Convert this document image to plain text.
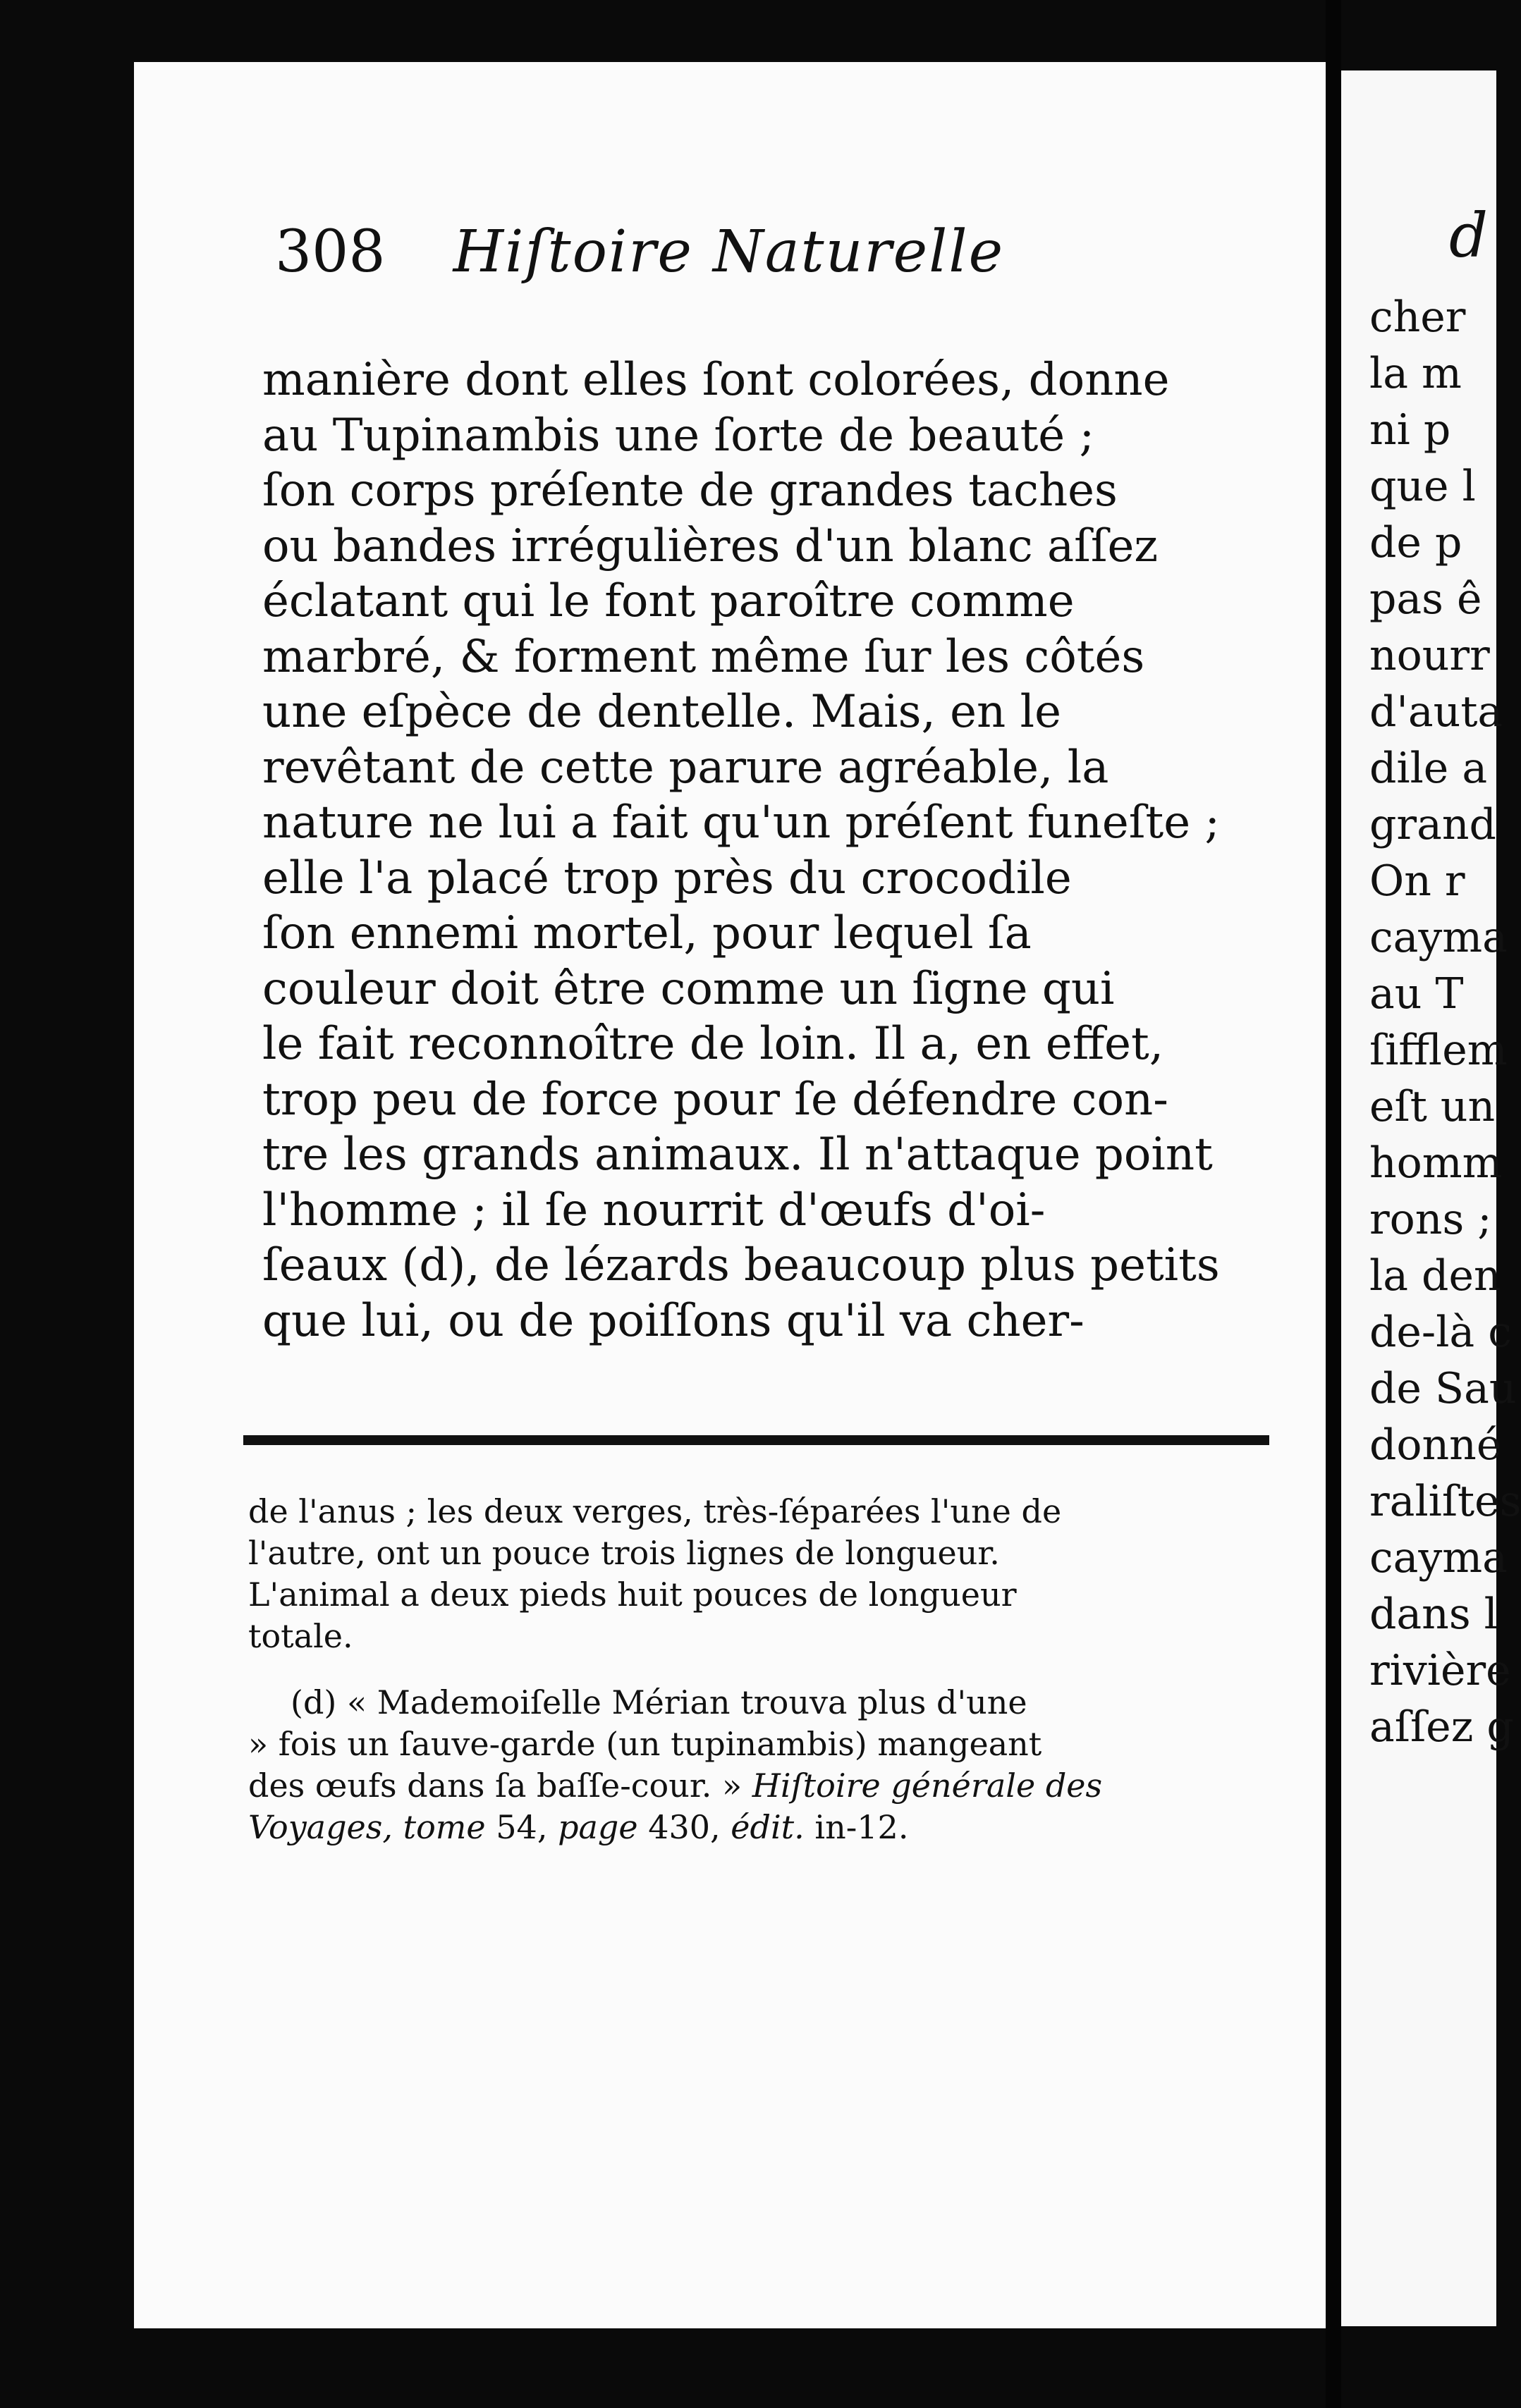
308 Hiſtoire Naturelle
manière dont elles ſont colorées, donne
au Tupinambis une ſorte de beauté ;
ſon corps préſente de grandes taches
ou bandes irrégulières d'un blanc aſſez
éclatant qui le font paroître comme
marbré, & forment même ſur les côtés
une eſpèce de dentelle. Mais, en le
revêtant de cette parure agréable, la
nature ne lui a fait qu'un préſent funeſte ;
elle l'a placé trop près du crocodile
ſon ennemi mortel, pour lequel ſa
couleur doit être comme un ſigne qui
le fait reconnoître de loin. Il a, en effet,
trop peu de force pour ſe défendre con-
tre les grands animaux. Il n'attaque point
l'homme ; il ſe nourrit d'œufs d'oi-
ſeaux (d), de lézards beaucoup plus petits
que lui, ou de poiſſons qu'il va cher-
de l'anus ; les deux verges, très-ſéparées l'une de
l'autre, ont un pouce trois lignes de longueur.
L'animal a deux pieds huit pouces de longueur
totale.
(d) « Mademoiſelle Mérian trouva plus d'une
» fois un ſauve-garde (un tupinambis) mangeant
des œufs dans ſa baſſe-cour. » Hiſtoire générale des
Voyages, tome 54, page 430, édit. in-12.
d
cher
la m
ni p
que l
de p
pas ê
nourr
d'auta
dile a
grand
On r
cayma
au T
ſifflem
eſt un
homm
rons ;
la den
de-là c
de Sau
donné
raliſtes
cayma
dans l
rivière
aſſez g
